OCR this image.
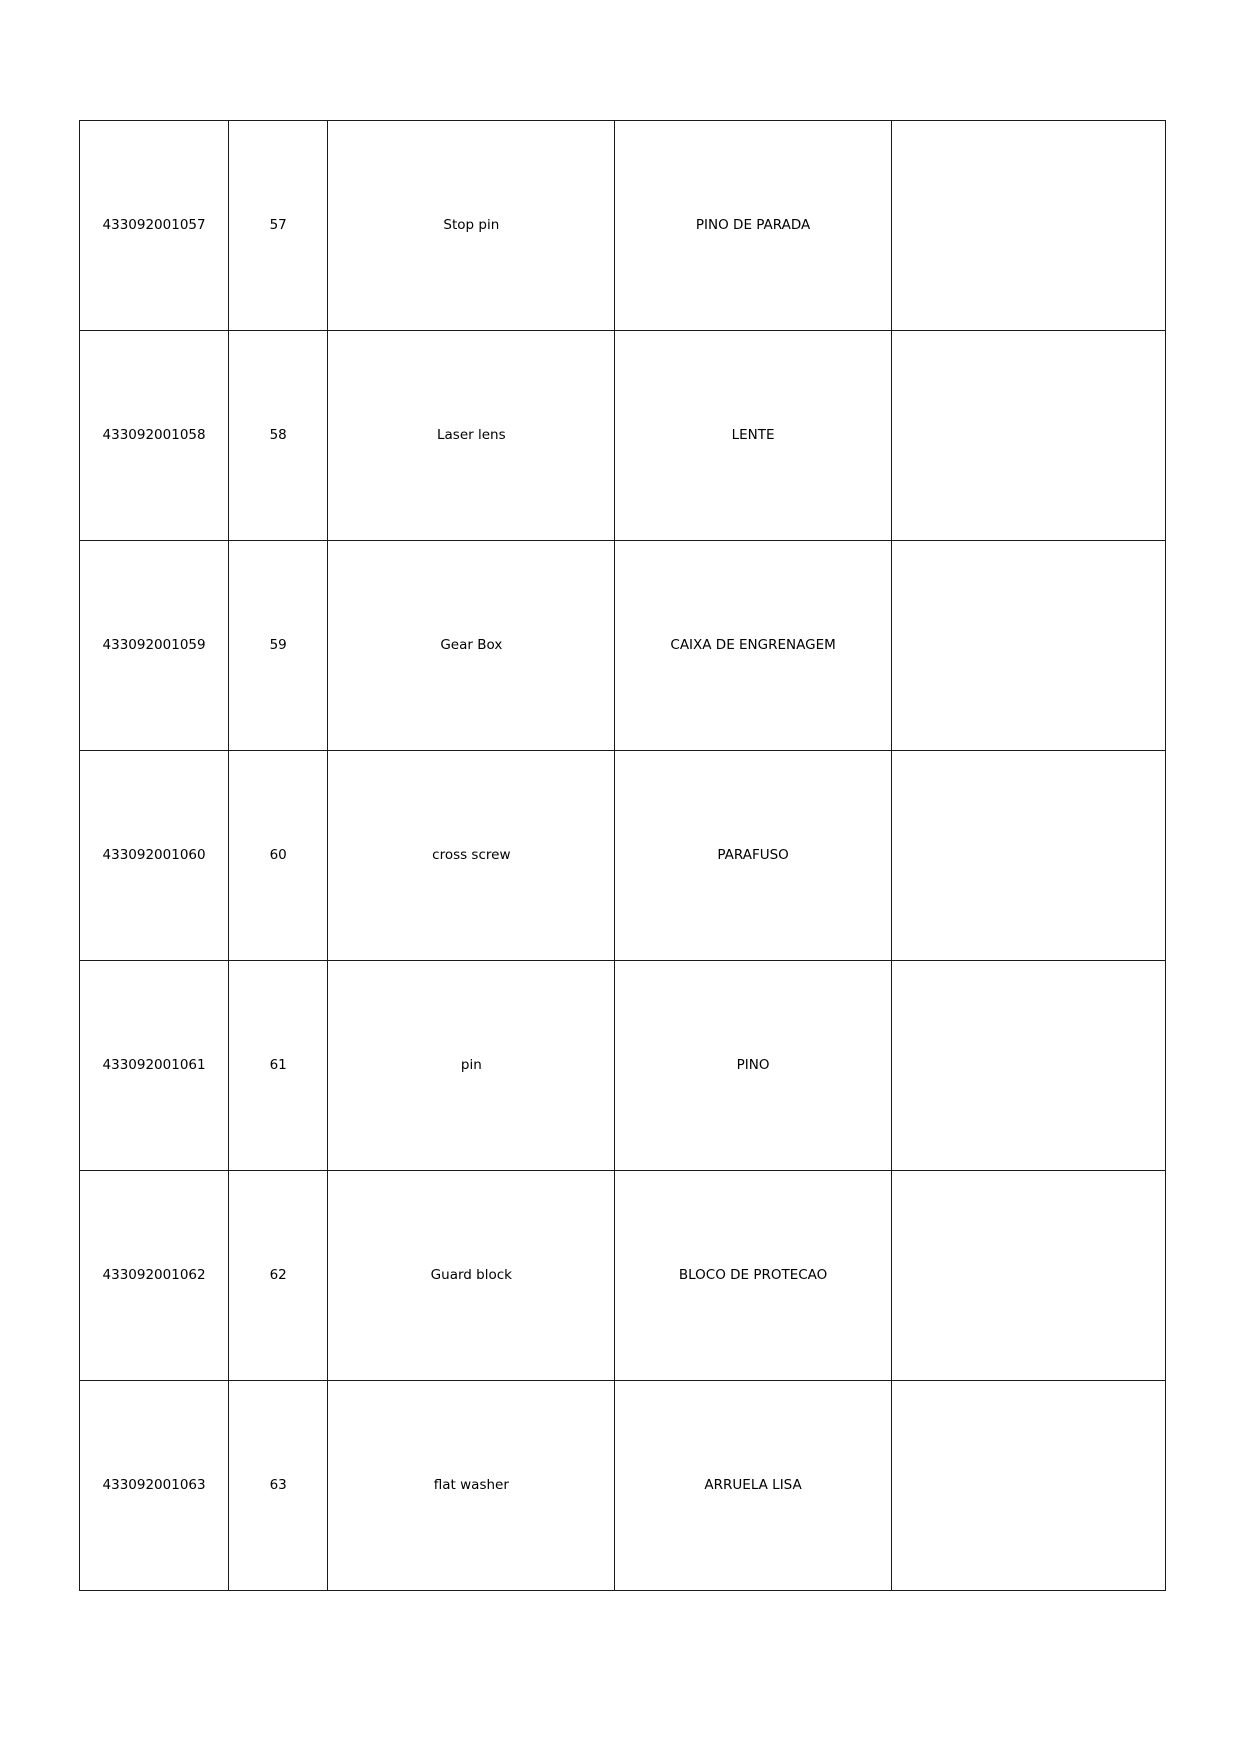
433092001057	57	Stop pin	PINO DE PARADA	
433092001058	58	Laser lens	LENTE	
433092001059	59	Gear Box	CAIXA DE ENGRENAGEM	
433092001060	60	cross screw	PARAFUSO	
433092001061	61	pin	PINO	
433092001062	62	Guard block	BLOCO DE PROTECAO	
433092001063	63	flat washer	ARRUELA LISA	
